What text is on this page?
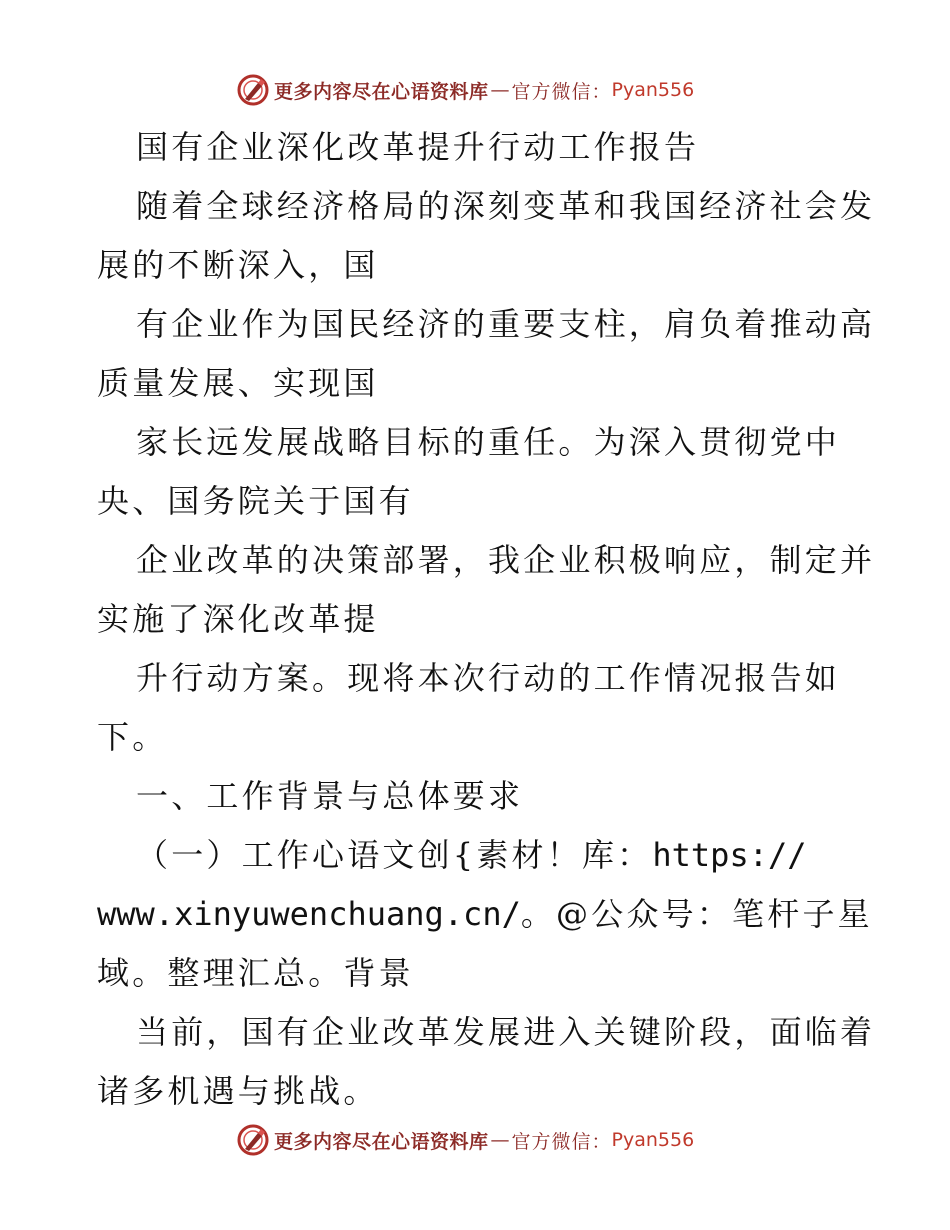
更多内容尽在心语资料库 — 官方微信： Pyan556
国有企业深化改革提升行动工作报告
随着全球经济格局的深刻变革和我国经济社会发
展的不断深入，国
有企业作为国民经济的重要支柱，肩负着推动高
质量发展、实现国
家长远发展战略目标的重任。为深入贯彻党中
央、国务院关于国有
企业改革的决策部署，我企业积极响应，制定并
实施了深化改革提
升行动方案。现将本次行动的工作情况报告如
下。
一、工作背景与总体要求
（一）工作心语文创{素材！库：https://
www.xinyuwenchuang.cn/。@公众号：笔杆子星
域。整理汇总。背景
当前，国有企业改革发展进入关键阶段，面临着
诸多机遇与挑战。
更多内容尽在心语资料库 — 官方微信： Pyan556
